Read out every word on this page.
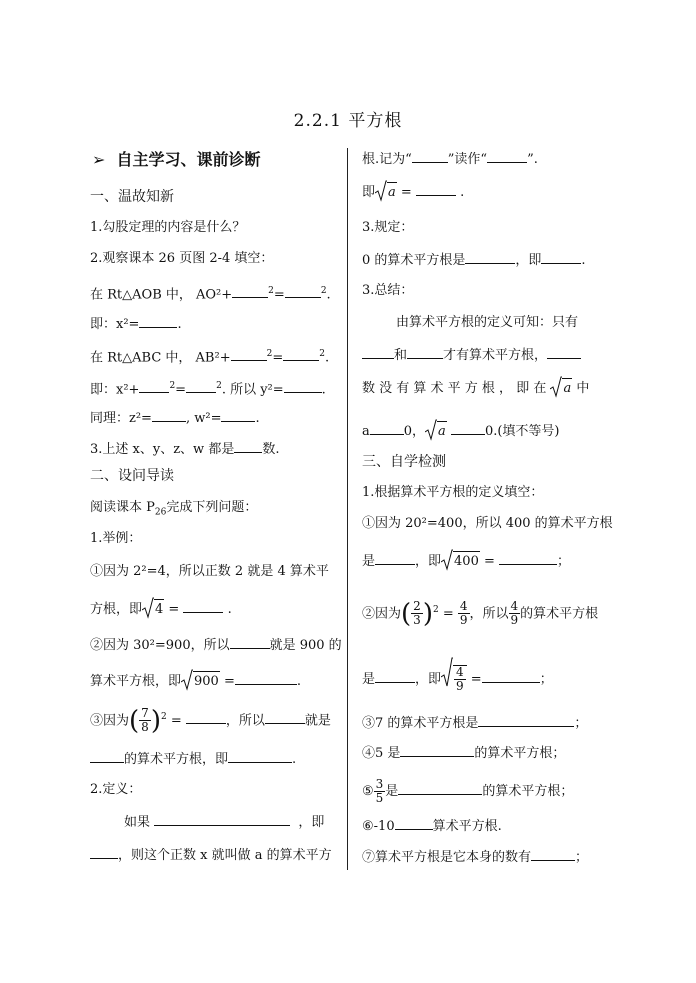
2.2.1 平方根
➢ 自主学习、课前诊断
一、温故知新
1.勾股定理的内容是什么？
2.观察课本 26 页图 2-4 填空：
在 Rt△AOB 中， AO²+	$^2$=	$^2$.
即：x²=	.
在 Rt△ABC 中， AB²+	$^2$=	$^2$.
即：x²+	$^2$=	$^2$. 所以 y²=	.
同理：z²=	, w²=	.
3.上述 x、y、z、w 都是 数.
二、设问导读
阅读课本 $P_{26}$完成下列问题：
1.举例：
①因为 2²=4，所以正数 2 就是 4 算术平
方根，即 4 =	.
②因为 30²=900，所以	就是 900 的
算术平方根，即 900 =	.
③因为( $\frac{7}{8} )^2$ =	，所以	就是
的算术平方根，即	.
2.定义：
如果	，即
，则这个正数 x 就叫做 a 的算术平方
根.记为“	”读作“	”.
即 a =	.
3.规定：
0 的算术平方根是	，即	.
3.总结：
由算术平方根的定义可知：只有
和	才有算术平方根，
数 没 有 算 术 平 方 根 ， 即 在 a 中
a	0， a	0.(填不等号)
三、自学检测
1.根据算术平方根的定义填空：
①因为 20²=400，所以 400 的算术平方根
是	，即 400 =	；
②因为( $\frac{2}{3} )^2 = \frac{4}{9}$ ，所以 $\frac{4}{9}$ 的算术平方根
是	，即 $\frac{4}{9}$ =	；
③7 的算术平方根是	；
④5 是	的算术平方根；
⑤ $\frac{3}{5}$ 是	的算术平方根；
⑥-10	算术平方根.
⑦算术平方根是它本身的数有	；
